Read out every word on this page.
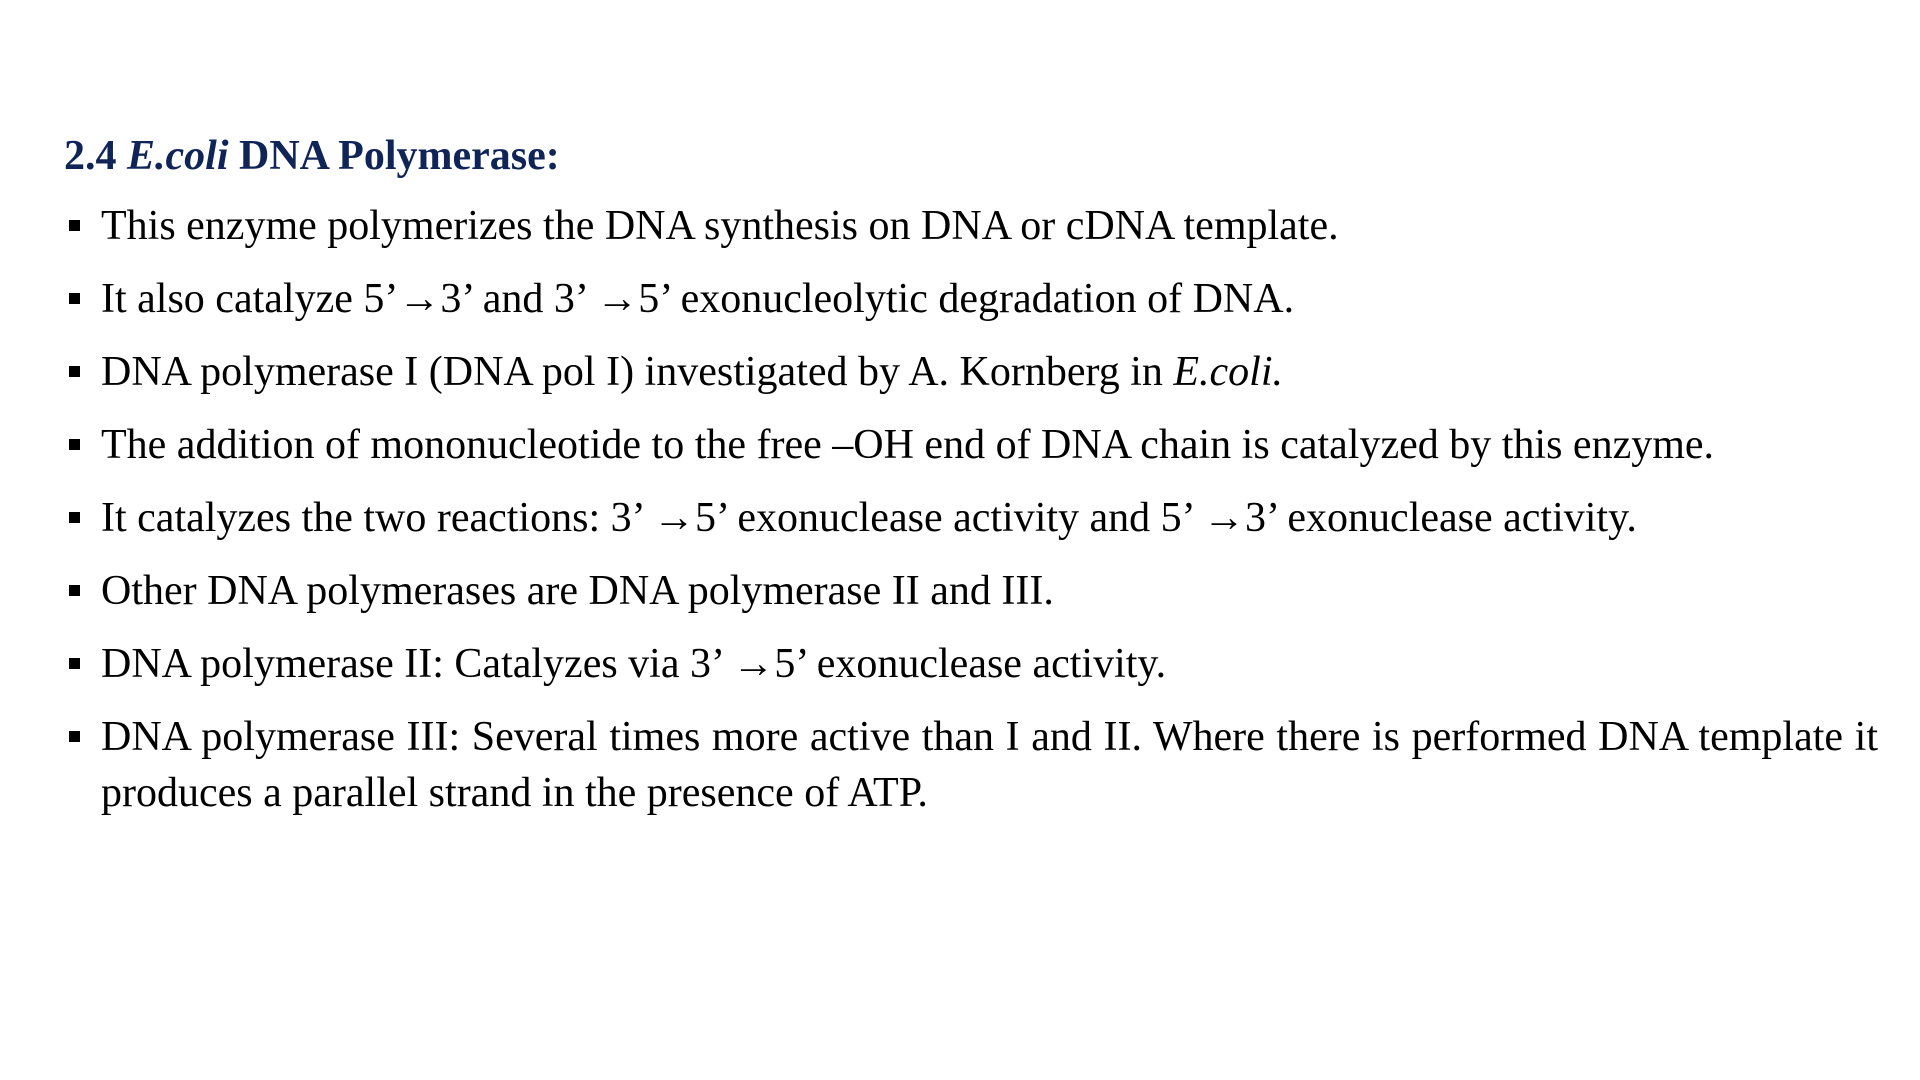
2.4 E.coli DNA Polymerase:
This enzyme polymerizes the DNA synthesis on DNA or cDNA template.
It also catalyze 5’→3’ and 3’ →5’ exonucleolytic degradation of DNA.
DNA polymerase I (DNA pol I) investigated by A. Kornberg in E.coli.
The addition of mononucleotide to the free –OH end of DNA chain is catalyzed by this enzyme.
It catalyzes the two reactions: 3’ →5’ exonuclease activity and 5’ →3’ exonuclease activity.
Other DNA polymerases are DNA polymerase II and III.
DNA polymerase II: Catalyzes via 3’ →5’ exonuclease activity.
DNA polymerase III: Several times more active than I and II. Where there is performed DNA template it produces a parallel strand in the presence of ATP.
